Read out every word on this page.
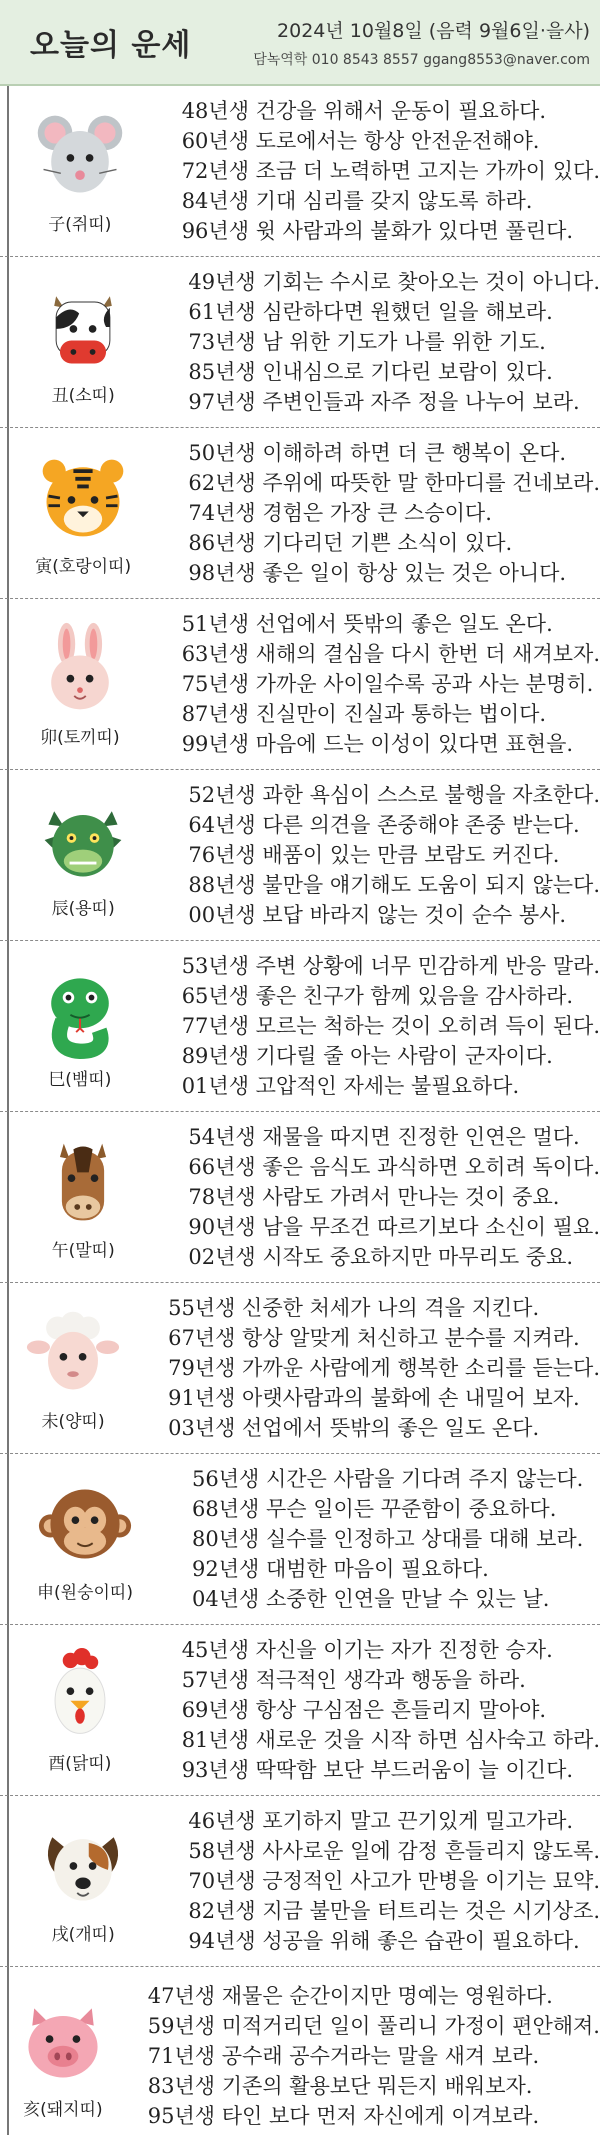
오늘의 운세	2024년 10월8일 (음력 9월6일·을사)
담녹역학 010 8543 8557 ggang8553@naver.com
子(쥐띠)
48년생 건강을 위해서 운동이 필요하다.
60년생 도로에서는 항상 안전운전해야.
72년생 조금 더 노력하면 고지는 가까이 있다.
84년생 기대 심리를 갖지 않도록 하라.
96년생 윗 사람과의 불화가 있다면 풀린다.
丑(소띠)
49년생 기회는 수시로 찾아오는 것이 아니다.
61년생 심란하다면 원했던 일을 해보라.
73년생 남 위한 기도가 나를 위한 기도.
85년생 인내심으로 기다린 보람이 있다.
97년생 주변인들과 자주 정을 나누어 보라.
寅(호랑이띠)
50년생 이해하려 하면 더 큰 행복이 온다.
62년생 주위에 따뜻한 말 한마디를 건네보라.
74년생 경험은 가장 큰 스승이다.
86년생 기다리던 기쁜 소식이 있다.
98년생 좋은 일이 항상 있는 것은 아니다.
卯(토끼띠)
51년생 선업에서 뜻밖의 좋은 일도 온다.
63년생 새해의 결심을 다시 한번 더 새겨보자.
75년생 가까운 사이일수록 공과 사는 분명히.
87년생 진실만이 진실과 통하는 법이다.
99년생 마음에 드는 이성이 있다면 표현을.
辰(용띠)
52년생 과한 욕심이 스스로 불행을 자초한다.
64년생 다른 의견을 존중해야 존중 받는다.
76년생 배품이 있는 만큼 보람도 커진다.
88년생 불만을 얘기해도 도움이 되지 않는다.
00년생 보답 바라지 않는 것이 순수 봉사.
巳(뱀띠)
53년생 주변 상황에 너무 민감하게 반응 말라.
65년생 좋은 친구가 함께 있음을 감사하라.
77년생 모르는 척하는 것이 오히려 득이 된다.
89년생 기다릴 줄 아는 사람이 군자이다.
01년생 고압적인 자세는 불필요하다.
午(말띠)
54년생 재물을 따지면 진정한 인연은 멀다.
66년생 좋은 음식도 과식하면 오히려 독이다.
78년생 사람도 가려서 만나는 것이 중요.
90년생 남을 무조건 따르기보다 소신이 필요.
02년생 시작도 중요하지만 마무리도 중요.
未(양띠)
55년생 신중한 처세가 나의 격을 지킨다.
67년생 항상 알맞게 처신하고 분수를 지켜라.
79년생 가까운 사람에게 행복한 소리를 듣는다.
91년생 아랫사람과의 불화에 손 내밀어 보자.
03년생 선업에서 뜻밖의 좋은 일도 온다.
申(원숭이띠)
56년생 시간은 사람을 기다려 주지 않는다.
68년생 무슨 일이든 꾸준함이 중요하다.
80년생 실수를 인정하고 상대를 대해 보라.
92년생 대범한 마음이 필요하다.
04년생 소중한 인연을 만날 수 있는 날.
酉(닭띠)
45년생 자신을 이기는 자가 진정한 승자.
57년생 적극적인 생각과 행동을 하라.
69년생 항상 구심점은 흔들리지 말아야.
81년생 새로운 것을 시작 하면 심사숙고 하라.
93년생 딱딱함 보단 부드러움이 늘 이긴다.
戌(개띠)
46년생 포기하지 말고 끈기있게 밀고가라.
58년생 사사로운 일에 감정 흔들리지 않도록.
70년생 긍정적인 사고가 만병을 이기는 묘약.
82년생 지금 불만을 터트리는 것은 시기상조.
94년생 성공을 위해 좋은 습관이 필요하다.
亥(돼지띠)
47년생 재물은 순간이지만 명예는 영원하다.
59년생 미적거리던 일이 풀리니 가정이 편안해져.
71년생 공수래 공수거라는 말을 새겨 보라.
83년생 기존의 활용보단 뭐든지 배워보자.
95년생 타인 보다 먼저 자신에게 이겨보라.
